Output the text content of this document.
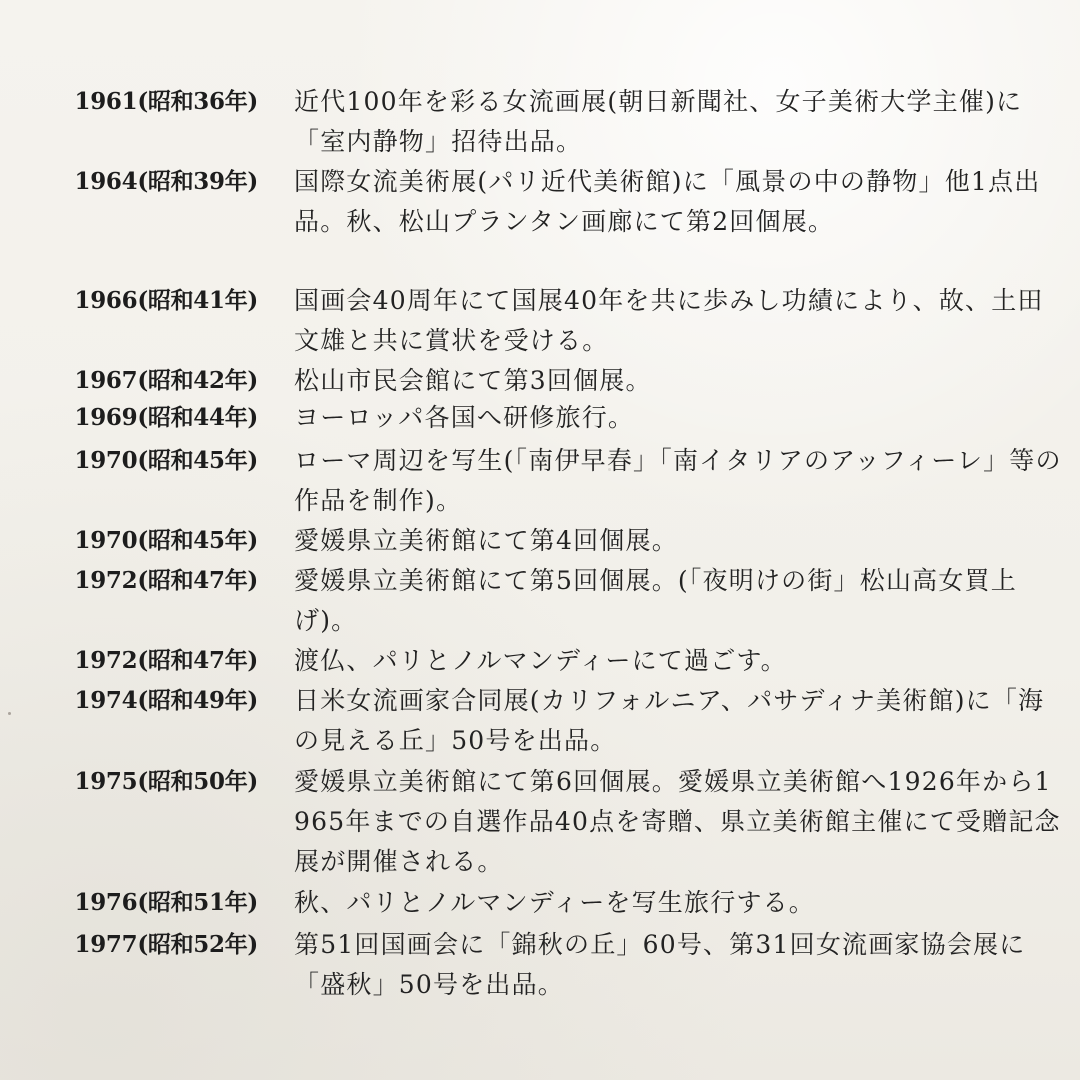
1961(昭和36年) 近代100年を彩る女流画展(朝日新聞社、女子美術大学主催)に「室内静物」招待出品。
1964(昭和39年) 国際女流美術展(パリ近代美術館)に「風景の中の静物」他1点出品。秋、松山プランタン画廊にて第2回個展。
1966(昭和41年) 国画会40周年にて国展40年を共に歩みし功績により、故、土田文雄と共に賞状を受ける。
1967(昭和42年) 松山市民会館にて第3回個展。
1969(昭和44年) ヨーロッパ各国へ研修旅行。
1970(昭和45年) ローマ周辺を写生(「南伊早春」「南イタリアのアッフィーレ」等の作品を制作)。
1970(昭和45年) 愛媛県立美術館にて第4回個展。
1972(昭和47年) 愛媛県立美術館にて第5回個展。(「夜明けの街」松山高女買上げ)。
1972(昭和47年) 渡仏、パリとノルマンディーにて過ごす。
1974(昭和49年) 日米女流画家合同展(カリフォルニア、パサディナ美術館)に「海の見える丘」50号を出品。
1975(昭和50年) 愛媛県立美術館にて第6回個展。愛媛県立美術館へ1926年から1965年までの自選作品40点を寄贈、県立美術館主催にて受贈記念展が開催される。
1976(昭和51年) 秋、パリとノルマンディーを写生旅行する。
1977(昭和52年) 第51回国画会に「錦秋の丘」60号、第31回女流画家協会展に「盛秋」50号を出品。
